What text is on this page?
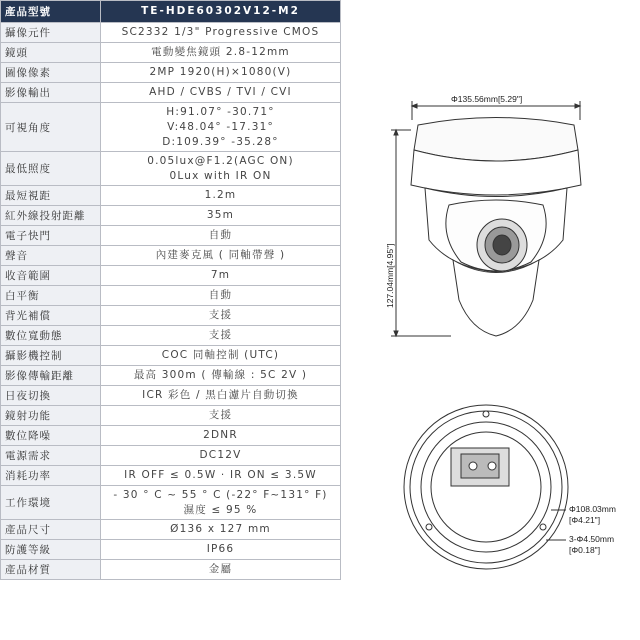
產品型號	TE-HDE60302V12-M2
攝像元件	SC2332 1/3" Progressive CMOS
鏡頭	電動變焦鏡頭 2.8-12mm
圖像像素	2MP 1920(H)×1080(V)
影像輸出	AHD / CVBS / TVI / CVI
可視角度	H:91.07° -30.71°
V:48.04° -17.31°
D:109.39° -35.28°
最低照度	0.05lux@F1.2(AGC ON)
0Lux with IR ON
最短視距	1.2m
紅外線投射距離	35m
電子快門	自動
聲音	內建麥克風 ( 同軸帶聲 )
收音範圍	7m
白平衡	自動
背光補償	支援
數位寬動態	支援
攝影機控制	COC 同軸控制 (UTC)
影像傳輸距離	最高 300m ( 傳輸線 : 5C 2V )
日夜切換	ICR 彩色 / 黑白濾片自動切換
鏡射功能	支援
數位降噪	2DNR
電源需求	DC12V
消耗功率	IR OFF ≤ 0.5W · IR ON ≤ 3.5W
工作環境	- 30 ° C ~ 55 ° C (-22° F~131° F)
濕度 ≤ 95 %
產品尺寸	Ø136 x 127 mm
防護等級	IP66
產品材質	金屬
Φ135.56mm[5.29"]
127.04mm[4.95"]
Φ108.03mm
[Φ4.21"]
3-Φ4.50mm
[Φ0.18"]
